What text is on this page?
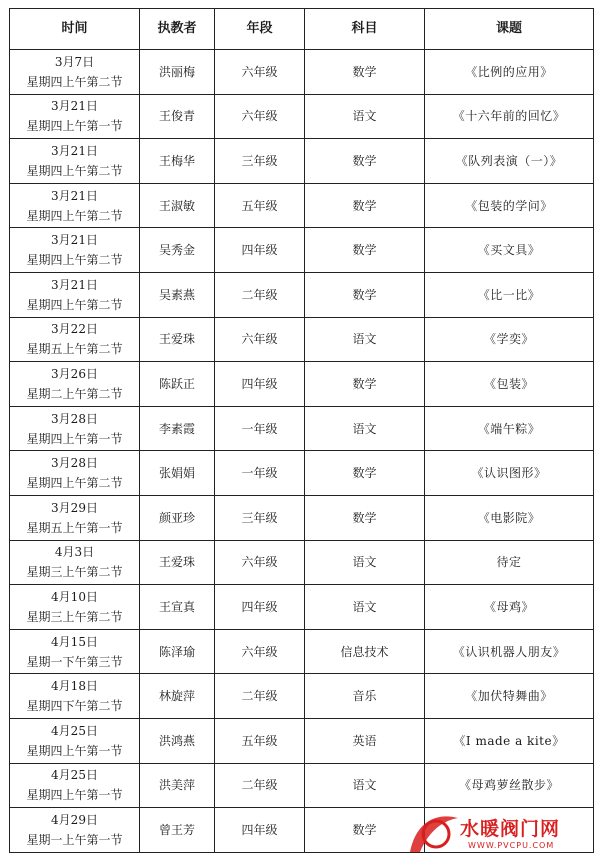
时间	执教者	年段	科目	课题

3月7日
星期四上午第二节	洪丽梅	六年级	数学	《比例的应用》

3月21日
星期四上午第一节	王俊青	六年级	语文	《十六年前的回忆》

3月21日
星期四上午第二节	王梅华	三年级	数学	《队列表演（一）》

3月21日
星期四上午第二节	王淑敏	五年级	数学	《包装的学问》

3月21日
星期四上午第二节	吴秀金	四年级	数学	《买文具》

3月21日
星期四上午第二节	吴素燕	二年级	数学	《比一比》

3月22日
星期五上午第二节	王爱珠	六年级	语文	《学奕》

3月26日
星期二上午第二节	陈跃正	四年级	数学	《包装》

3月28日
星期四上午第一节	李素霞	一年级	语文	《端午粽》

3月28日
星期四上午第二节	张娟娟	一年级	数学	《认识图形》

3月29日
星期五上午第一节	颜亚珍	三年级	数学	《电影院》

4月3日
星期三上午第二节	王爱珠	六年级	语文	待定

4月10日
星期三上午第二节	王宣真	四年级	语文	《母鸡》

4月15日
星期一下午第三节	陈泽瑜	六年级	信息技术	《认识机器人朋友》

4月18日
星期四下午第二节	林旋萍	二年级	音乐	《加伏特舞曲》

4月25日
星期四上午第一节	洪鸿燕	五年级	英语	《I made a kite》

4月25日
星期四上午第一节	洪美萍	二年级	语文	《母鸡萝丝散步》

4月29日
星期一上午第一节	曾王芳	四年级	数学		水暖阀门网
WWW.PVCPU.COM
